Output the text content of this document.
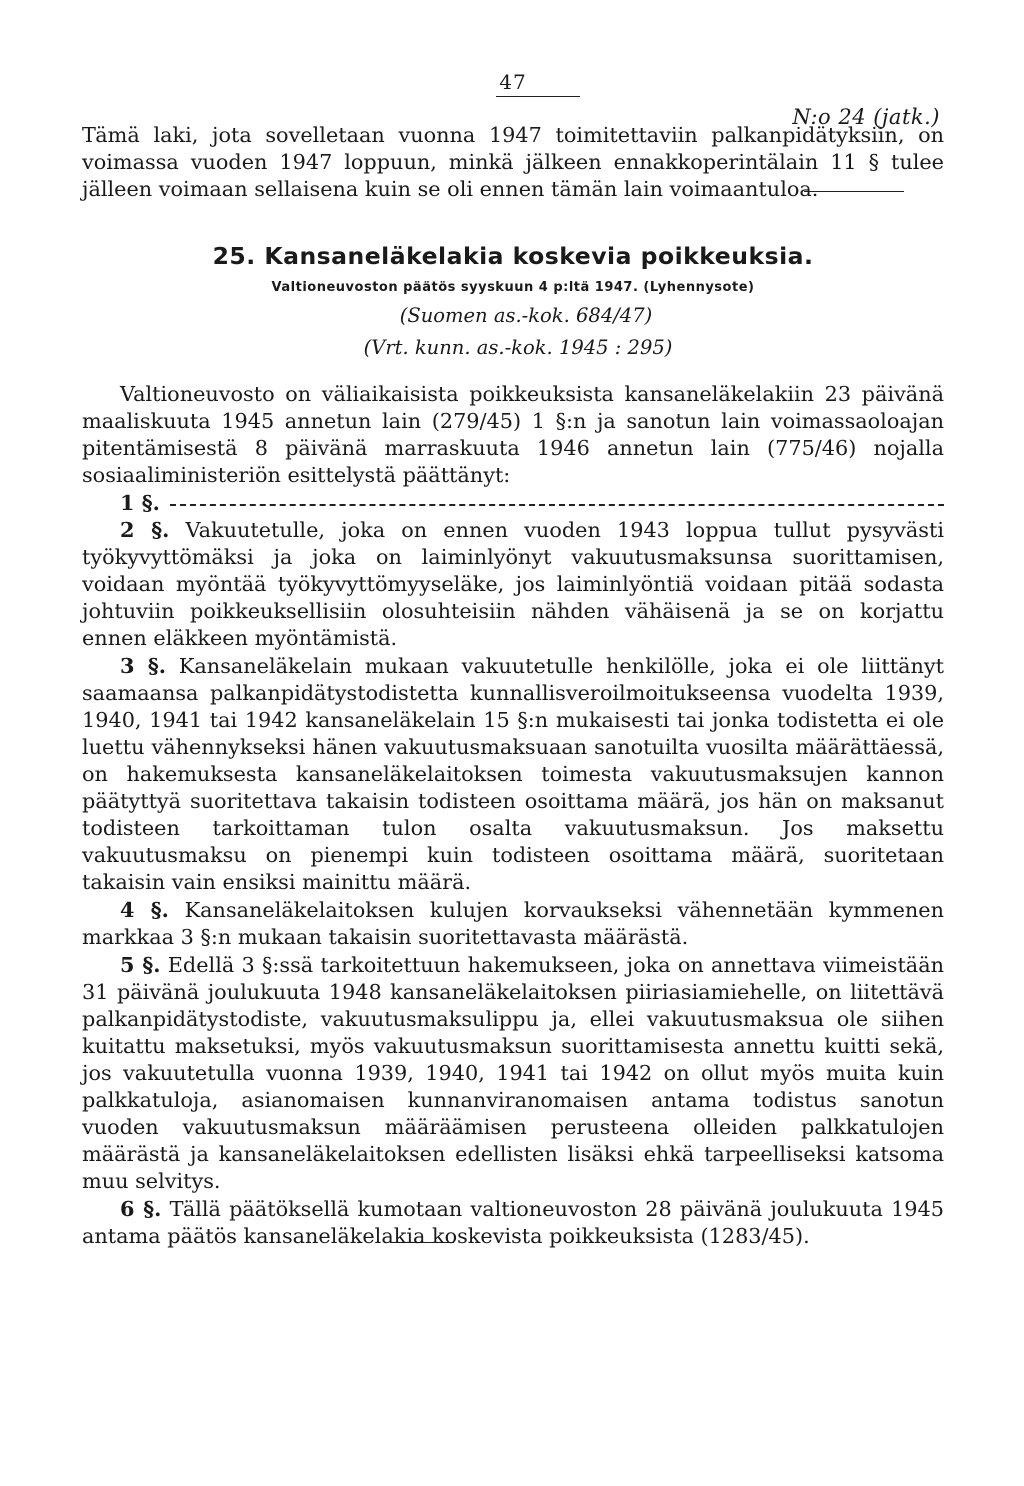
47
N:o 24 (jatk.)

Tämä laki, jota sovelletaan vuonna 1947 toimitettaviin palkanpidätyksiin, on voimassa vuoden 1947 loppuun, minkä jälkeen ennakkoperintälain 11 § tulee jälleen voimaan sellaisena kuin se oli ennen tämän lain voimaantuloa.

25. Kansaneläkelakia koskevia poikkeuksia.
Valtioneuvoston päätös syyskuun 4 p:ltä 1947. (Lyhennysote)
(Suomen as.-kok. 684/47)
(Vrt. kunn. as.-kok. 1945 : 295)

Valtioneuvosto on väliaikaisista poikkeuksista kansaneläkelakiin 23 päivänä maaliskuuta 1945 annetun lain (279/45) 1 §:n ja sanotun lain voimassaoloajan pitentämisestä 8 päivänä marraskuuta 1946 annetun lain (775/46) nojalla sosiaaliministeriön esittelystä päättänyt:

1 §.

2 §. Vakuutetulle, joka on ennen vuoden 1943 loppua tullut pysyvästi työkyvyttömäksi ja joka on laiminlyönyt vakuutusmaksunsa suorittamisen, voidaan myöntää työkyvyttömyyseläke, jos laiminlyöntiä voidaan pitää sodasta johtuviin poikkeuksellisiin olosuhteisiin nähden vähäisenä ja se on korjattu ennen eläkkeen myöntämistä.

3 §. Kansaneläkelain mukaan vakuutetulle henkilölle, joka ei ole liittänyt saamaansa palkanpidätystodistetta kunnallisveroilmoitukseensa vuodelta 1939, 1940, 1941 tai 1942 kansaneläkelain 15 §:n mukaisesti tai jonka todistetta ei ole luettu vähennykseksi hänen vakuutusmaksuaan sanotuilta vuosilta määrättäessä, on hakemuksesta kansaneläkelaitoksen toimesta vakuutusmaksujen kannon päätyttyä suoritettava takaisin todisteen osoittama määrä, jos hän on maksanut todisteen tarkoittaman tulon osalta vakuutusmaksun. Jos maksettu vakuutusmaksu on pienempi kuin todisteen osoittama määrä, suoritetaan takaisin vain ensiksi mainittu määrä.

4 §. Kansaneläkelaitoksen kulujen korvaukseksi vähennetään kymmenen markkaa 3 §:n mukaan takaisin suoritettavasta määrästä.

5 §. Edellä 3 §:ssä tarkoitettuun hakemukseen, joka on annettava viimeistään 31 päivänä joulukuuta 1948 kansaneläkelaitoksen piiriasiamiehelle, on liitettävä palkanpidätystodiste, vakuutusmaksulippu ja, ellei vakuutusmaksua ole siihen kuitattu maksetuksi, myös vakuutusmaksun suorittamisesta annettu kuitti sekä, jos vakuutetulla vuonna 1939, 1940, 1941 tai 1942 on ollut myös muita kuin palkkatuloja, asianomaisen kunnanviranomaisen antama todistus sanotun vuoden vakuutusmaksun määräämisen perusteena olleiden palkkatulojen määrästä ja kansaneläkelaitoksen edellisten lisäksi ehkä tarpeelliseksi katsoma muu selvitys.

6 §. Tällä päätöksellä kumotaan valtioneuvoston 28 päivänä joulukuuta 1945 antama päätös kansaneläkelakia koskevista poikkeuksista (1283/45).
